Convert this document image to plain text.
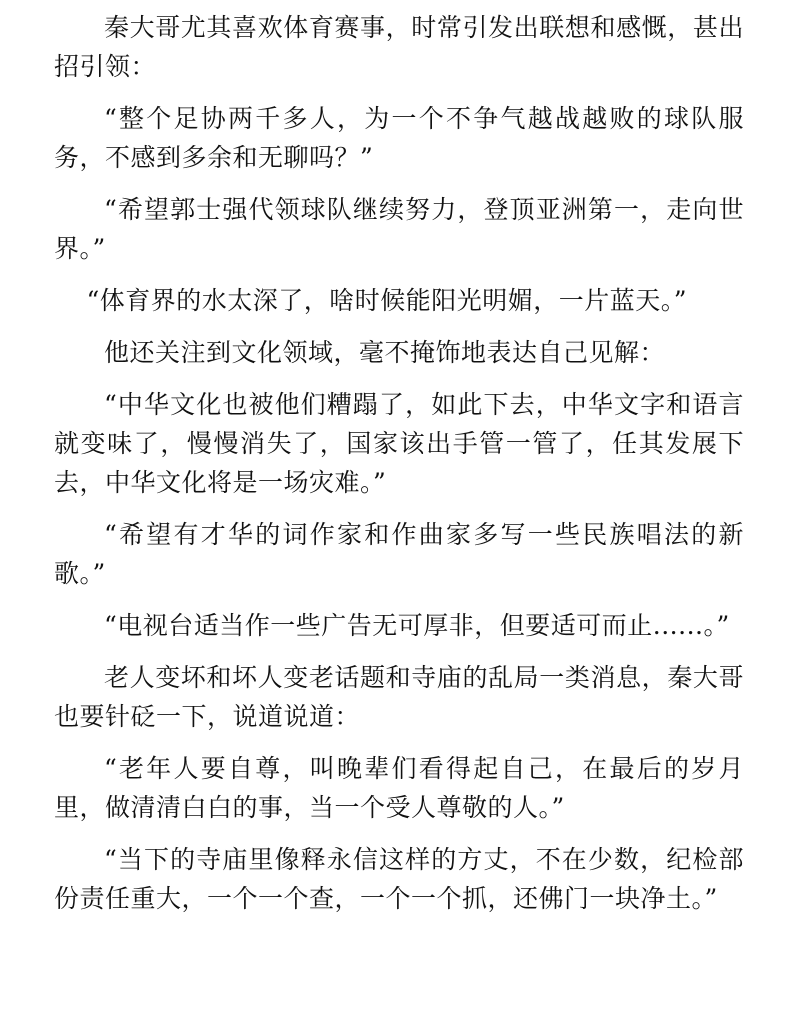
秦大哥尤其喜欢体育赛事，时常引发出联想和感慨，甚出招引领：

“整个足协两千多人，为一个不争气越战越败的球队服务，不感到多余和无聊吗？”

“希望郭士强代领球队继续努力，登顶亚洲第一，走向世界。”

“体育界的水太深了，啥时候能阳光明媚，一片蓝天。”

他还关注到文化领域，毫不掩饰地表达自己见解：

“中华文化也被他们糟蹋了，如此下去，中华文字和语言就变味了，慢慢消失了，国家该出手管一管了，任其发展下去，中华文化将是一场灾难。”

“希望有才华的词作家和作曲家多写一些民族唱法的新歌。”

“电视台适当作一些广告无可厚非，但要适可而止......。”

老人变坏和坏人变老话题和寺庙的乱局一类消息，秦大哥也要针砭一下，说道说道：

“老年人要自尊，叫晚辈们看得起自己，在最后的岁月里，做清清白白的事，当一个受人尊敬的人。”

“当下的寺庙里像释永信这样的方丈，不在少数，纪检部份责任重大，一个一个查，一个一个抓，还佛门一块净土。”
